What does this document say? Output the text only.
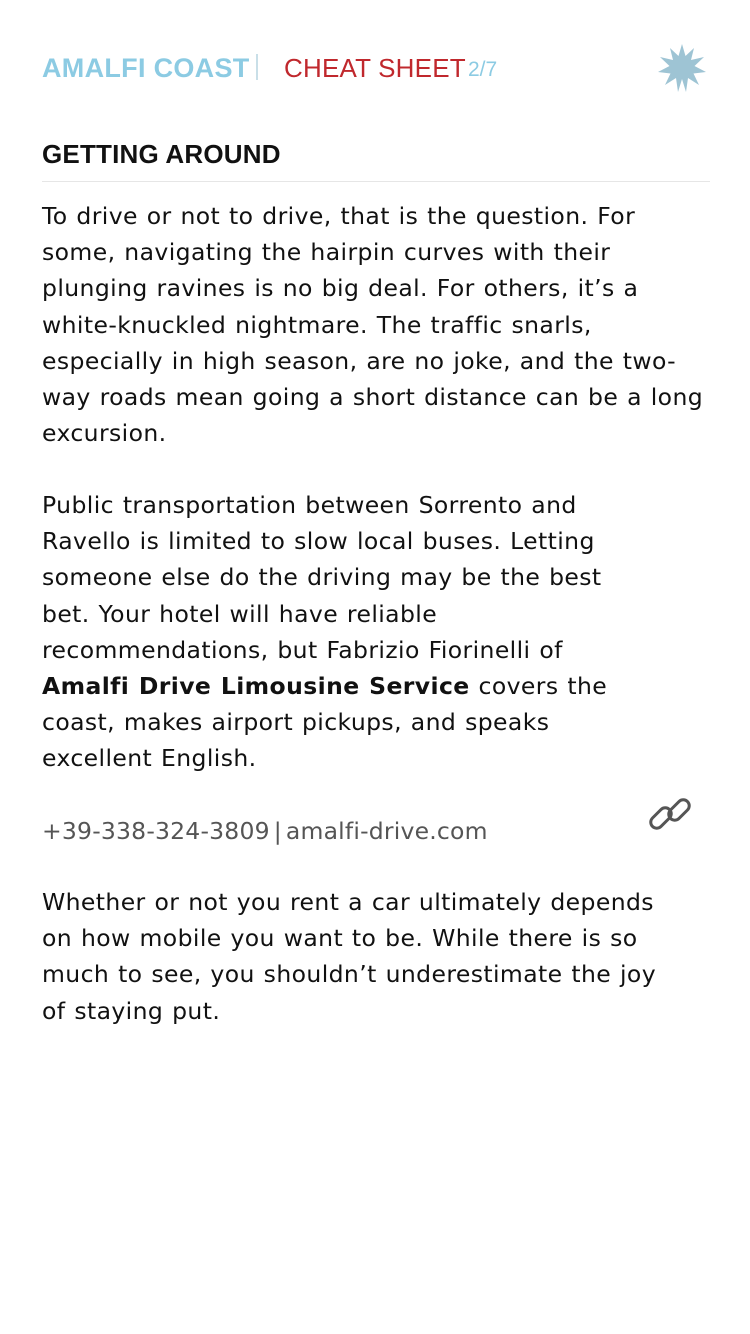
AMALFI COAST CHEAT SHEET 2/7
GETTING AROUND

To drive or not to drive, that is the question. For some, navigating the hairpin curves with their plunging ravines is no big deal. For others, it’s a white-knuckled nightmare. The traffic snarls, especially in high season, are no joke, and the two-way roads mean going a short distance can be a long excursion.

Public transportation between Sorrento and Ravello is limited to slow local buses. Letting someone else do the driving may be the best bet. Your hotel will have reliable recommendations, but Fabrizio Fiorinelli of Amalfi Drive Limousine Service covers the coast, makes airport pickups, and speaks excellent English.

+39-338-324-3809 | amalfi-drive.com

Whether or not you rent a car ultimately depends on how mobile you want to be. While there is so much to see, you shouldn’t underestimate the joy of staying put.
